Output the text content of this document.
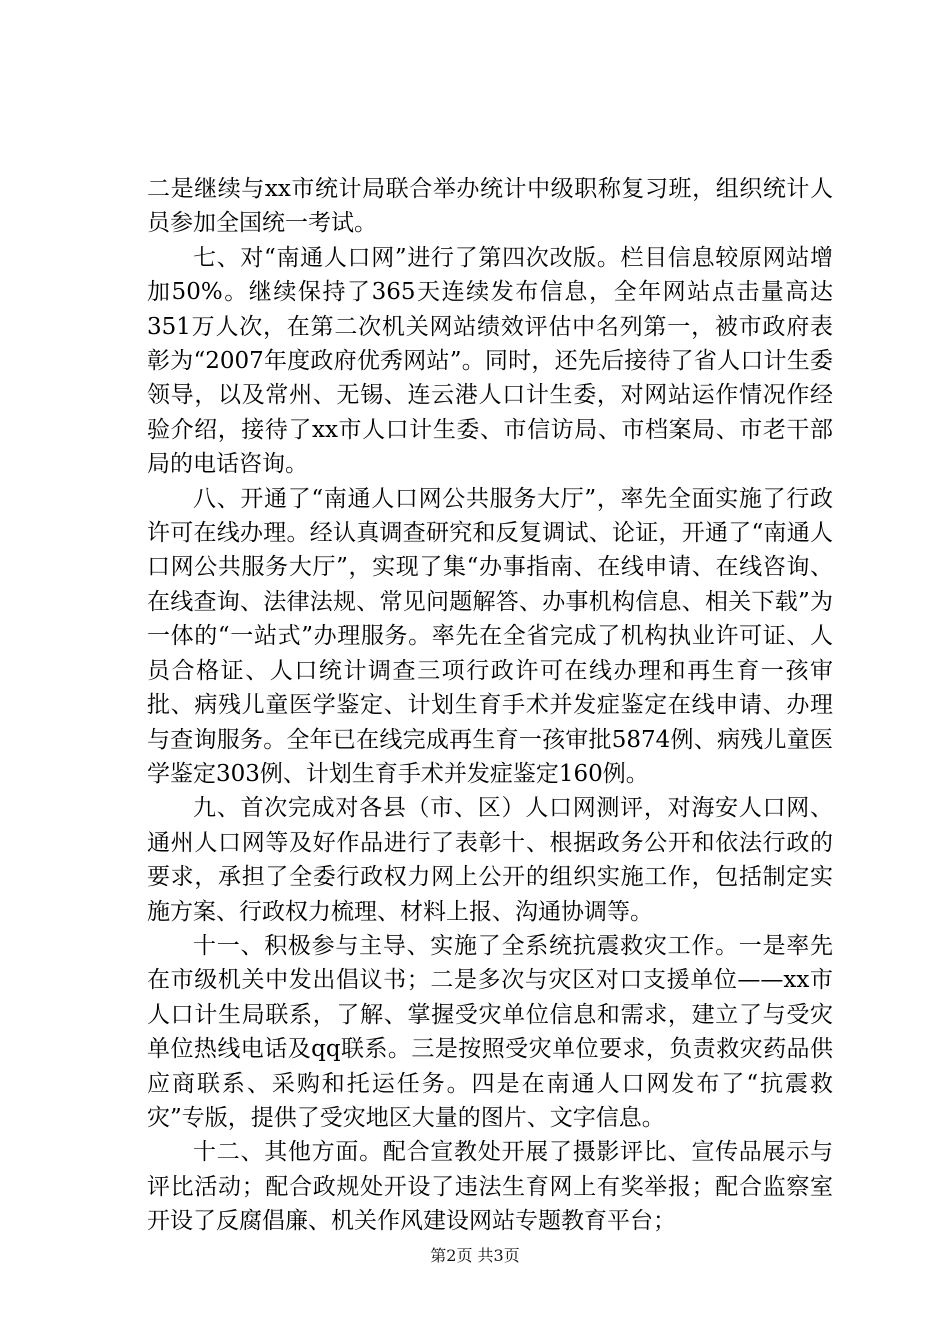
二是继续与xx市统计局联合举办统计中级职称复习班，组织统计人员参加全国统一考试。

七、对“南通人口网”进行了第四次改版。栏目信息较原网站增加50%。继续保持了365天连续发布信息，全年网站点击量高达351万人次，在第二次机关网站绩效评估中名列第一，被市政府表彰为“2007年度政府优秀网站”。同时，还先后接待了省人口计生委领导，以及常州、无锡、连云港人口计生委，对网站运作情况作经验介绍，接待了xx市人口计生委、市信访局、市档案局、市老干部局的电话咨询。

八、开通了“南通人口网公共服务大厅”，率先全面实施了行政许可在线办理。经认真调查研究和反复调试、论证，开通了“南通人口网公共服务大厅”，实现了集“办事指南、在线申请、在线咨询、在线查询、法律法规、常见问题解答、办事机构信息、相关下载”为一体的“一站式”办理服务。率先在全省完成了机构执业许可证、人员合格证、人口统计调查三项行政许可在线办理和再生育一孩审批、病残儿童医学鉴定、计划生育手术并发症鉴定在线申请、办理与查询服务。全年已在线完成再生育一孩审批5874例、病残儿童医学鉴定303例、计划生育手术并发症鉴定160例。

九、首次完成对各县（市、区）人口网测评，对海安人口网、通州人口网等及好作品进行了表彰十、根据政务公开和依法行政的要求，承担了全委行政权力网上公开的组织实施工作，包括制定实施方案、行政权力梳理、材料上报、沟通协调等。

十一、积极参与主导、实施了全系统抗震救灾工作。一是率先在市级机关中发出倡议书；二是多次与灾区对口支援单位——xx市人口计生局联系，了解、掌握受灾单位信息和需求，建立了与受灾单位热线电话及qq联系。三是按照受灾单位要求，负责救灾药品供应商联系、采购和托运任务。四是在南通人口网发布了“抗震救灾”专版，提供了受灾地区大量的图片、文字信息。

十二、其他方面。配合宣教处开展了摄影评比、宣传品展示与评比活动；配合政规处开设了违法生育网上有奖举报；配合监察室开设了反腐倡廉、机关作风建设网站专题教育平台；

第2页 共3页
